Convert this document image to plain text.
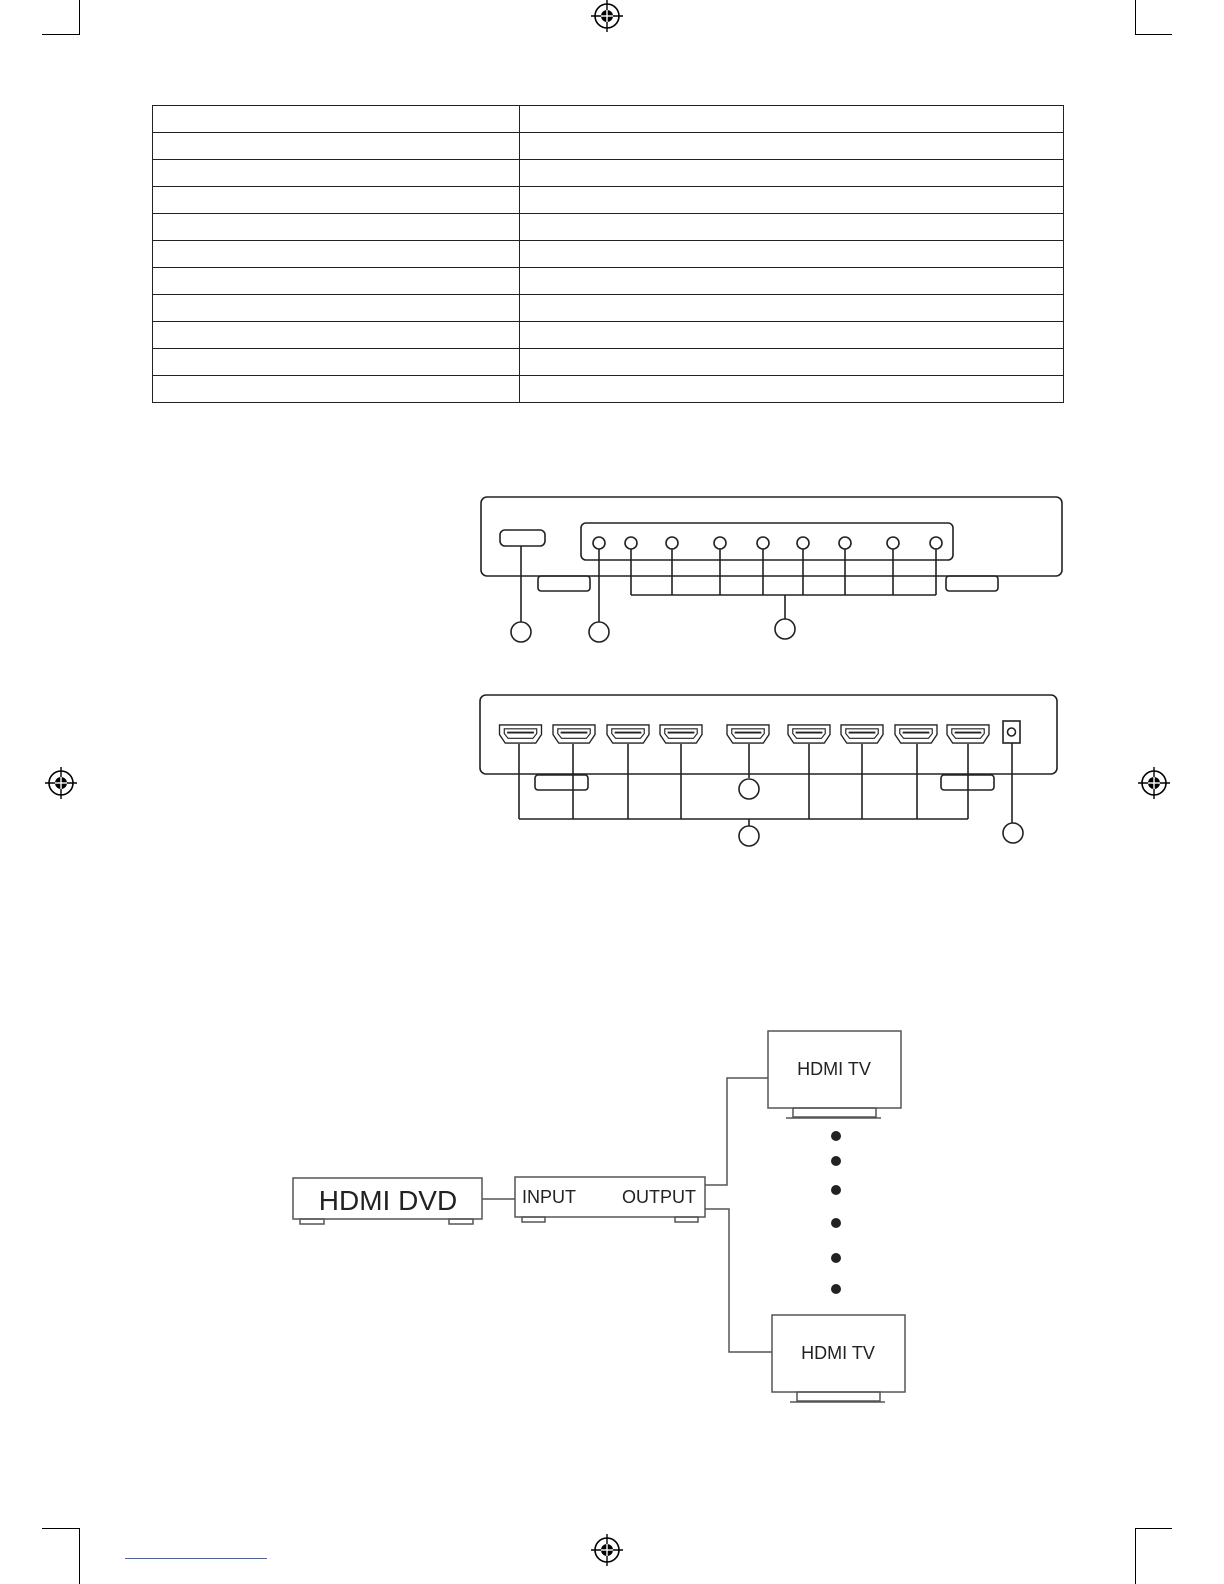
HDMI DVD	INPUT	OUTPUT
HDMI TV
HDMI TV
